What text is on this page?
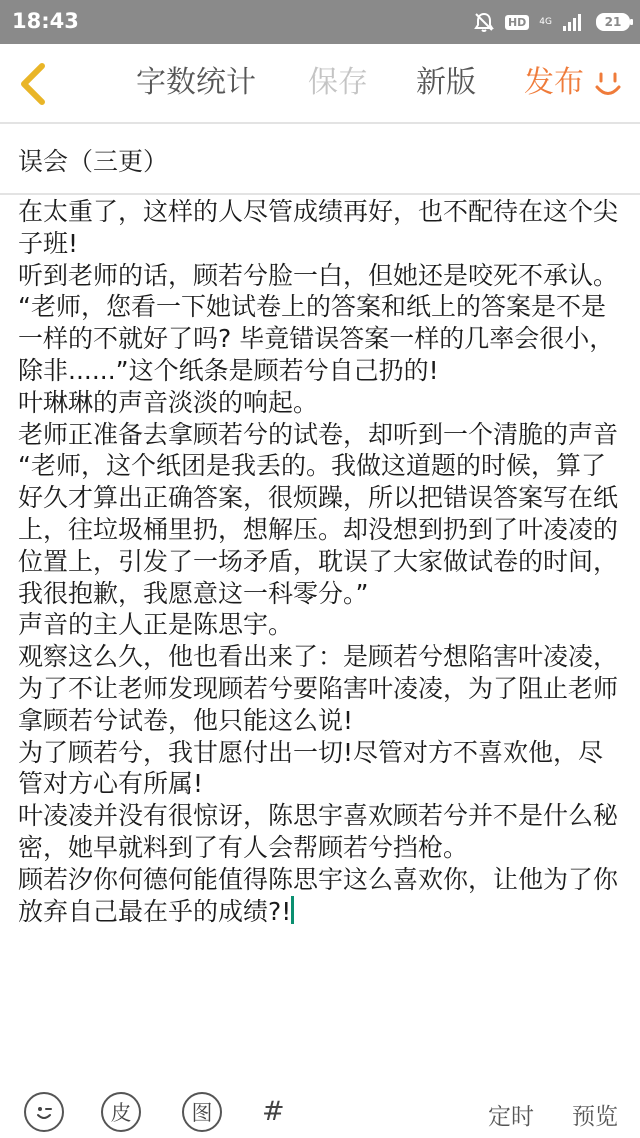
18:43	HD	4G	21
字数统计 保存 新版 发布
误会（三更）

在太重了，这样的人尽管成绩再好，也不配待在这个尖子班!

听到老师的话，顾若兮脸一白，但她还是咬死不承认。

“老师，您看一下她试卷上的答案和纸上的答案是不是一样的不就好了吗? 毕竟错误答案一样的几率会很小，除非......”这个纸条是顾若兮自己扔的!

叶琳琳的声音淡淡的响起。

老师正准备去拿顾若兮的试卷，却听到一个清脆的声音

“老师，这个纸团是我丢的。我做这道题的时候，算了好久才算出正确答案，很烦躁，所以把错误答案写在纸上，往垃圾桶里扔，想解压。却没想到扔到了叶凌凌的位置上，引发了一场矛盾，耽误了大家做试卷的时间，我很抱歉，我愿意这一科零分。”

声音的主人正是陈思宇。

观察这么久，他也看出来了：是顾若兮想陷害叶凌凌，为了不让老师发现顾若兮要陷害叶凌凌，为了阻止老师拿顾若兮试卷，他只能这么说!

为了顾若兮，我甘愿付出一切!尽管对方不喜欢他，尽管对方心有所属!

叶凌凌并没有很惊讶，陈思宇喜欢顾若兮并不是什么秘密，她早就料到了有人会帮顾若兮挡枪。

顾若汐你何德何能值得陈思宇这么喜欢你，让他为了你放弃自己最在乎的成绩?!

皮	图 #	定时 预览
